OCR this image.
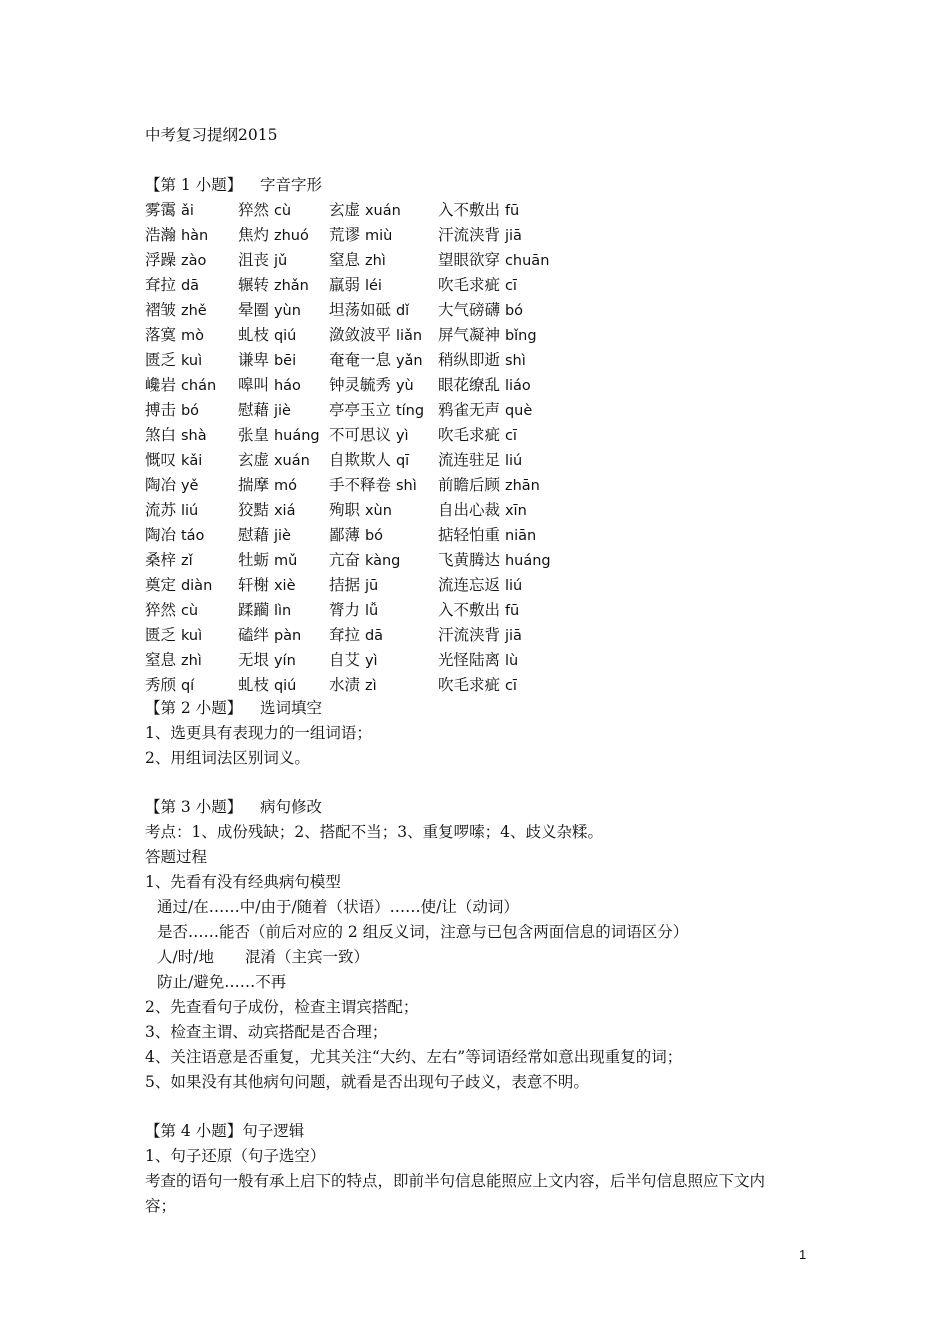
中考复习提纲2015
【第 1 小题】 字音字形
雾霭 ǎi	猝然 cù 玄虚 xuán 入不敷出 fū
浩瀚 hàn 焦灼 zhuó 荒谬 miù	汗流浃背 jiā
浮躁 zào 沮丧 jǔ	窒息 zhì	望眼欲穿 chuān
耷拉 dā	辗转 zhǎn 羸弱 léi	吹毛求疵 cī
褶皱 zhě 晕圈 yùn 坦荡如砥 dǐ 大气磅礴 bó
落寞 mò 虬枝 qiú 潋敛波平 liǎn 屏气凝神 bǐng
匮乏 kuì 谦卑 bēi 奄奄一息 yǎn 稍纵即逝 shì
巉岩 chán 嗥叫 háo 钟灵毓秀 yù 眼花缭乱 liáo
搏击 bó	慰藉 jiè 亭亭玉立 tíng 鸦雀无声 què
煞白 shà 张皇 huáng 不可思议 yì 吹毛求疵 cī
慨叹 kǎi 玄虚 xuán 自欺欺人 qī 流连驻足 liú
陶冶 yě	揣摩 mó 手不释卷 shì 前瞻后顾 zhān
流苏 liú	狡黠 xiá 殉职 xùn	自出心裁 xīn
陶冶 táo 慰藉 jiè 鄙薄 bó	掂轻怕重 niān
桑梓 zǐ	牡蛎 mǔ 亢奋 kàng 飞黄腾达 huáng
奠定 diàn 轩榭 xiè 拮据 jū	流连忘返 liú
猝然 cù	蹂躏 lìn 膂力 lǚ	入不敷出 fū
匮乏 kuì 磕绊 pàn 耷拉 dā	汗流浃背 jiā
窒息 zhì 无垠 yín 自艾 yì	光怪陆离 lù
秀颀 qí	虬枝 qiú 水渍 zì	吹毛求疵 cī
【第 2 小题】 选词填空
1、选更具有表现力的一组词语；
2、用组词法区别词义。
【第 3 小题】 病句修改
考点：1、成份残缺；2、搭配不当；3、重复啰嗦；4、歧义杂糅。
答题过程
1、先看有没有经典病句模型
通过/在……中/由于/随着（状语）……使/让（动词）
是否……能否（前后对应的 2 组反义词，注意与已包含两面信息的词语区分）
人/时/地　　混淆（主宾一致）
防止/避免……不再
2、先查看句子成份，检查主谓宾搭配；
3、检查主谓、动宾搭配是否合理；
4、关注语意是否重复，尤其关注“大约、左右”等词语经常如意出现重复的词；
5、如果没有其他病句问题，就看是否出现句子歧义，表意不明。
【第 4 小题】句子逻辑
1、句子还原（句子选空）
考查的语句一般有承上启下的特点，即前半句信息能照应上文内容，后半句信息照应下文内
容；
1
